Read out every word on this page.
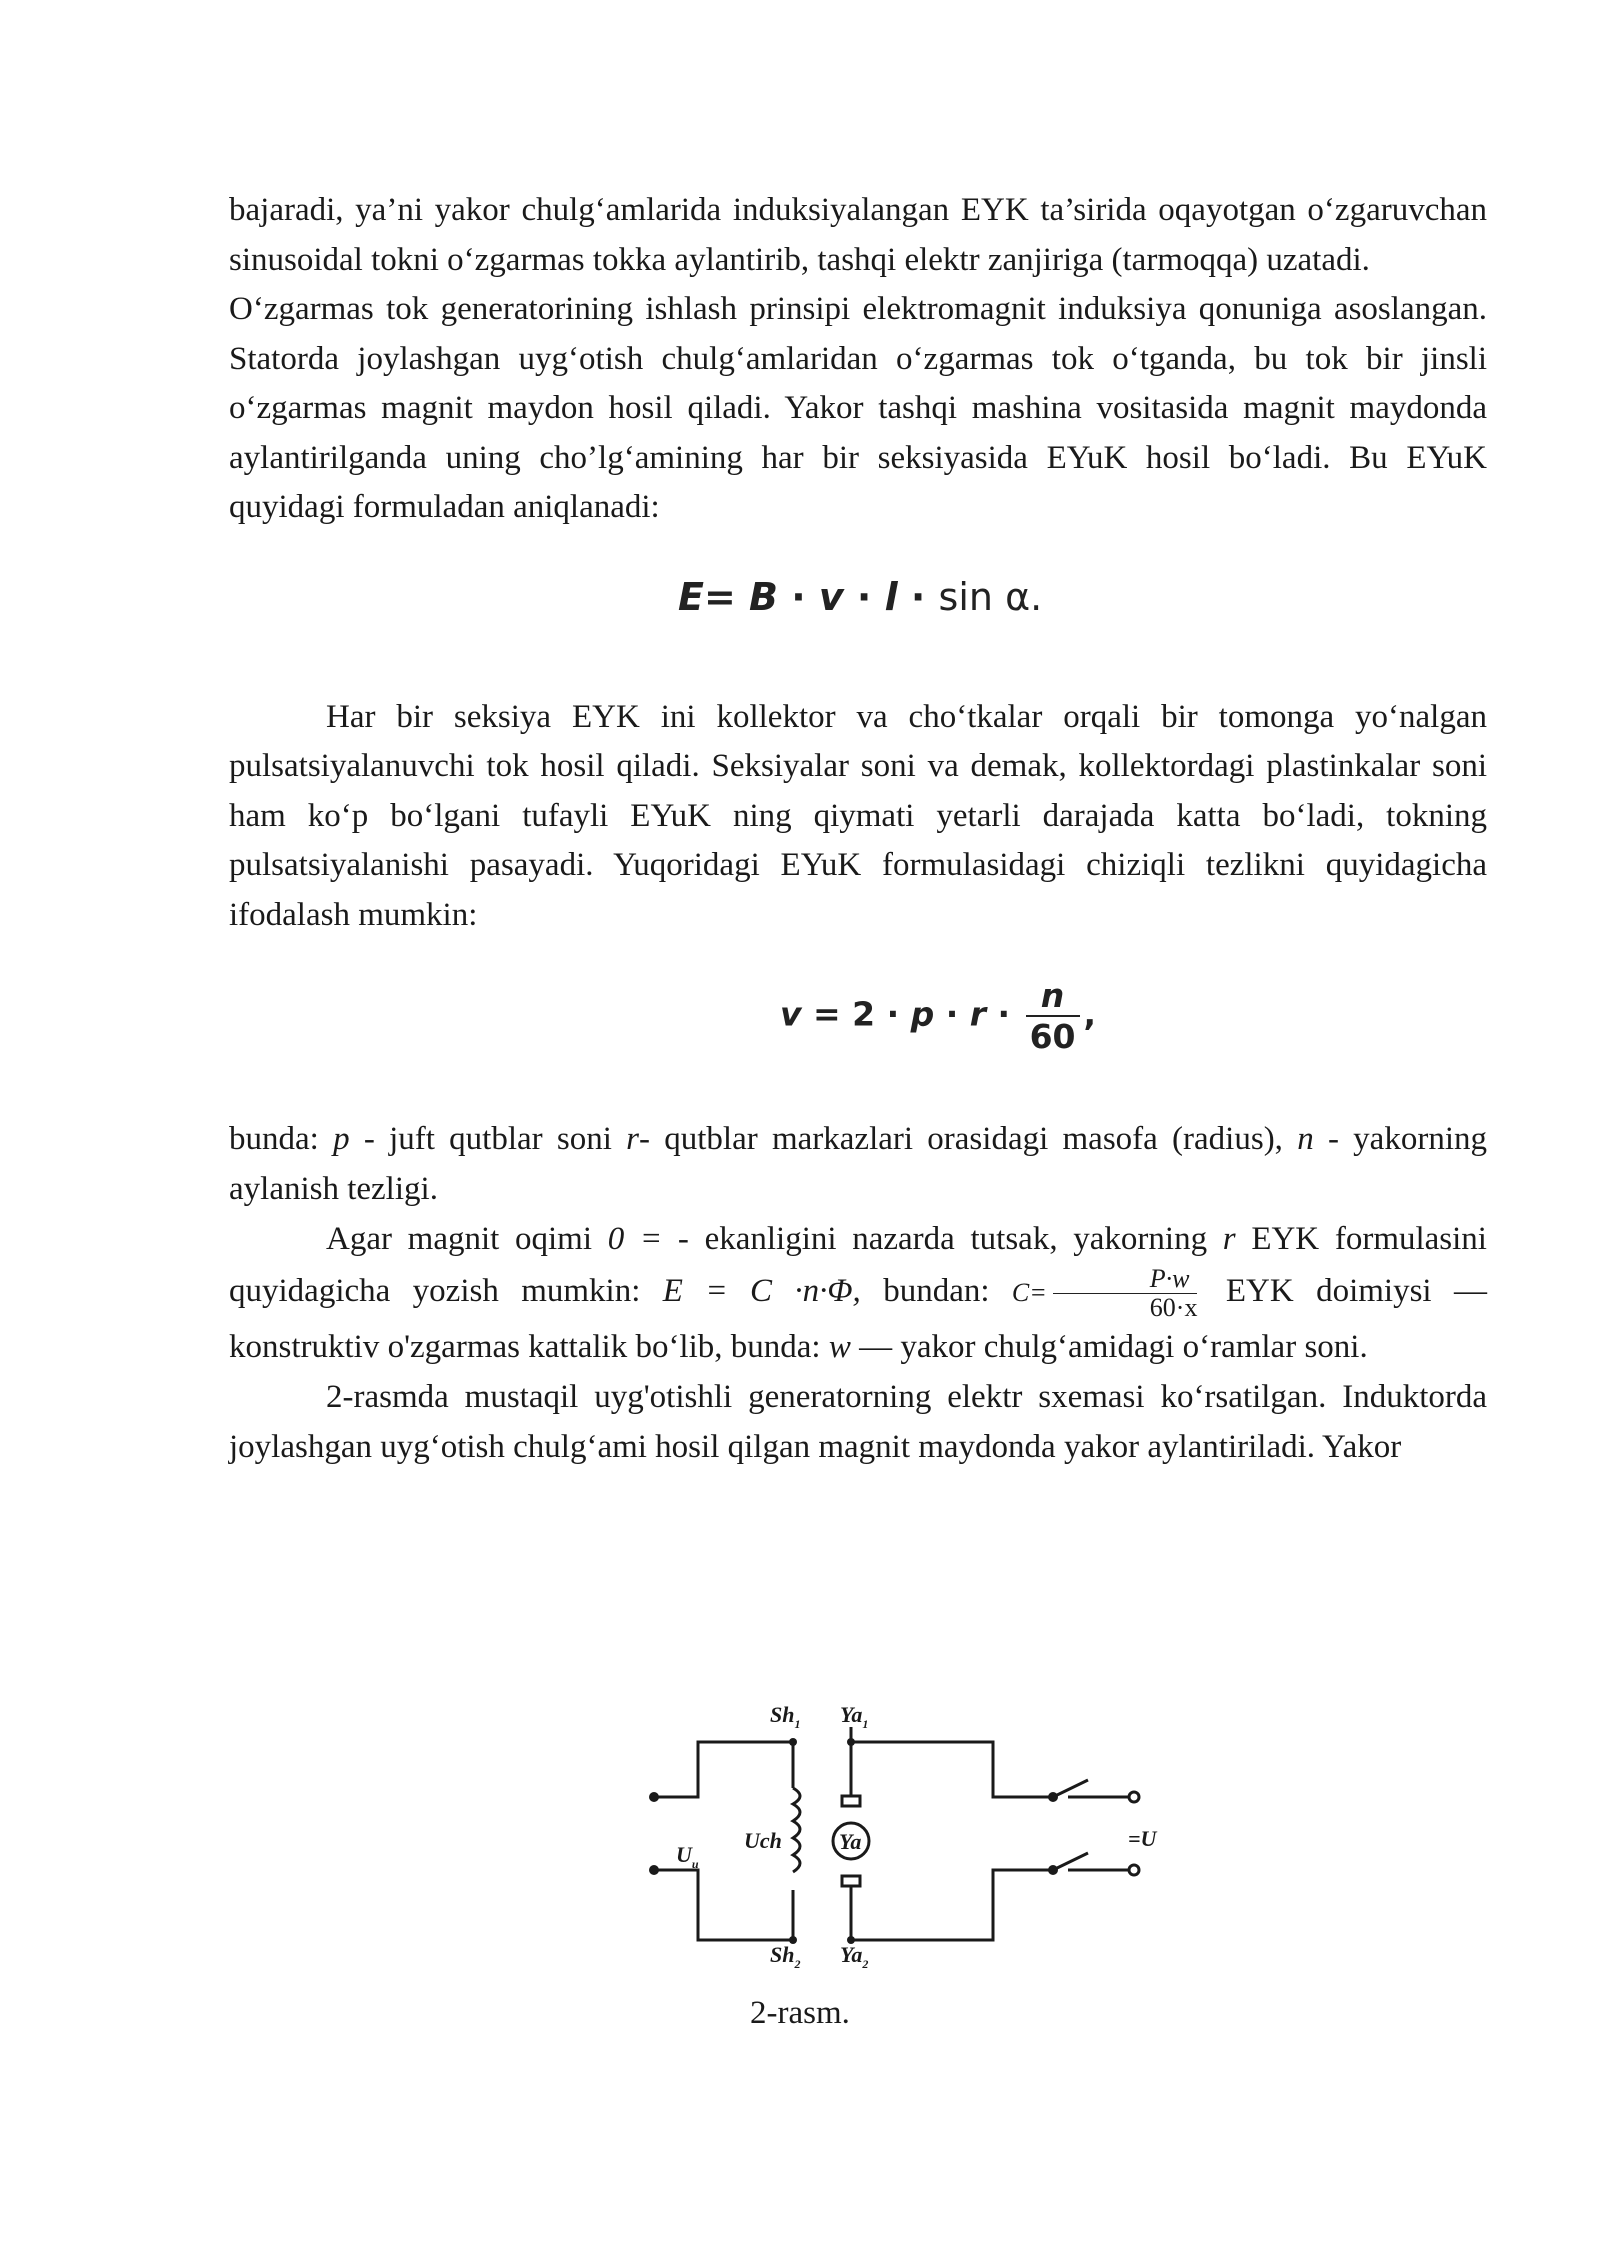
bajaradi, ya’ni yakor chulg‘amlarida induksiyalangan EYK ta’sirida oqayotgan o‘zgaruvchan sinusoidal tokni o‘zgarmas tokka aylantirib, tashqi elektr zanjiriga (tarmoqqa) uzatadi.

O‘zgarmas tok generatorining ishlash prinsipi elektromagnit induksiya qonuniga asoslangan. Statorda joylashgan uyg‘otish chulg‘amlaridan o‘zgarmas tok o‘tganda, bu tok bir jinsli o‘zgarmas magnit maydon hosil qiladi. Yakor tashqi mashina vositasida magnit maydonda aylantirilganda uning cho’lg‘amining har bir seksiyasida EYuK hosil bo‘ladi. Bu EYuK quyidagi formuladan aniqlanadi:

E= B · v · l · sin α.

Har bir seksiya EYK ini kollektor va cho‘tkalar orqali bir tomonga yo‘nalgan pulsatsiyalanuvchi tok hosil qiladi. Seksiyalar soni va demak, kollektordagi plastinkalar soni ham ko‘p bo‘lgani tufayli EYuK ning qiymati yetarli darajada katta bo‘ladi, tokning pulsatsiyalanishi pasayadi. Yuqoridagi EYuK formulasidagi chiziqli tezlikni quyidagicha ifodalash mumkin:

$v = 2 \cdot p \cdot r \cdot \frac{n}{60}$ ,

bunda: p - juft qutblar soni r- qutblar markazlari orasidagi masofa (radius), n - yakorning aylanish tezligi.

Agar magnit oqimi 0 = - ekanligini nazarda tutsak, yakorning r EYK formulasini quyidagicha yozish mumkin: E = C ·n·Φ, bundan: $C= \frac{P\cdot w}{60\cdot x}$ EYK doimiysi — konstruktiv o'zgarmas kattalik bo‘lib, bunda: w — yakor chulg‘amidagi o‘ramlar soni.

2-rasmda mustaqil uyg'otishli generatorning elektr sxemasi ko‘rsatilgan. Induktorda joylashgan uyg‘otish chulg‘ami hosil qilgan magnit maydonda yakor aylantiriladi. Yakor

$Sh_1$ $Ya_1$
$Sh_2$ $Ya_2$
Uch	Ya
$U_u$
=U
2-rasm.
